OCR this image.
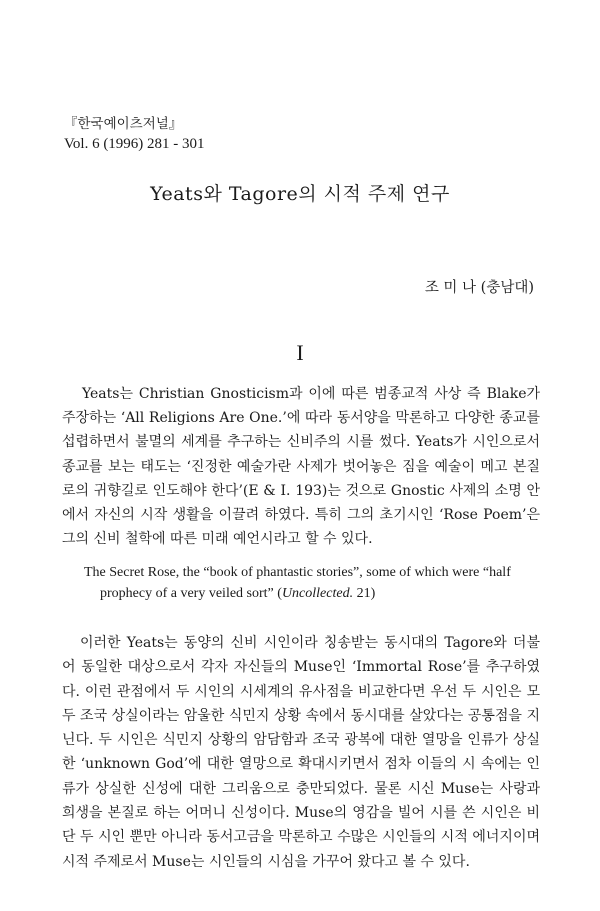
『한국예이츠저널』
Vol. 6 (1996) 281 - 301
Yeats와 Tagore의 시적 주제 연구
조 미 나 (충남대)
I

Yeats는 Christian Gnosticism과 이에 따른 범종교적 사상 즉 Blake가 주장하는 ‘All Religions Are One.’에 따라 동서양을 막론하고 다양한 종교를 섭렵하면서 불멸의 세계를 추구하는 신비주의 시를 썼다. Yeats가 시인으로서 종교를 보는 태도는 ‘진정한 예술가란 사제가 벗어놓은 짐을 예술이 메고 본질로의 귀향길로 인도해야 한다’(E & I. 193)는 것으로 Gnostic 사제의 소명 안에서 자신의 시작 생활을 이끌려 하였다. 특히 그의 초기시인 ‘Rose Poem’은 그의 신비 철학에 따른 미래 예언시라고 할 수 있다.

The Secret Rose, the “book of phantastic stories”, some of which were “half
prophecy of a very veiled sort” (Uncollected. 21)

이러한 Yeats는 동양의 신비 시인이라 칭송받는 동시대의 Tagore와 더불어 동일한 대상으로서 각자 자신들의 Muse인 ‘Immortal Rose’를 추구하였다. 이런 관점에서 두 시인의 시세계의 유사점을 비교한다면 우선 두 시인은 모두 조국 상실이라는 암울한 식민지 상황 속에서 동시대를 살았다는 공통점을 지닌다. 두 시인은 식민지 상황의 암담함과 조국 광복에 대한 열망을 인류가 상실한 ‘unknown God’에 대한 열망으로 확대시키면서 점차 이들의 시 속에는 인류가 상실한 신성에 대한 그리움으로 충만되었다. 물론 시신 Muse는 사랑과 희생을 본질로 하는 어머니 신성이다. Muse의 영감을 빌어 시를 쓴 시인은 비단 두 시인 뿐만 아니라 동서고금을 막론하고 수많은 시인들의 시적 에너지이며 시적 주제로서 Muse는 시인들의 시심을 가꾸어 왔다고 볼 수 있다.
